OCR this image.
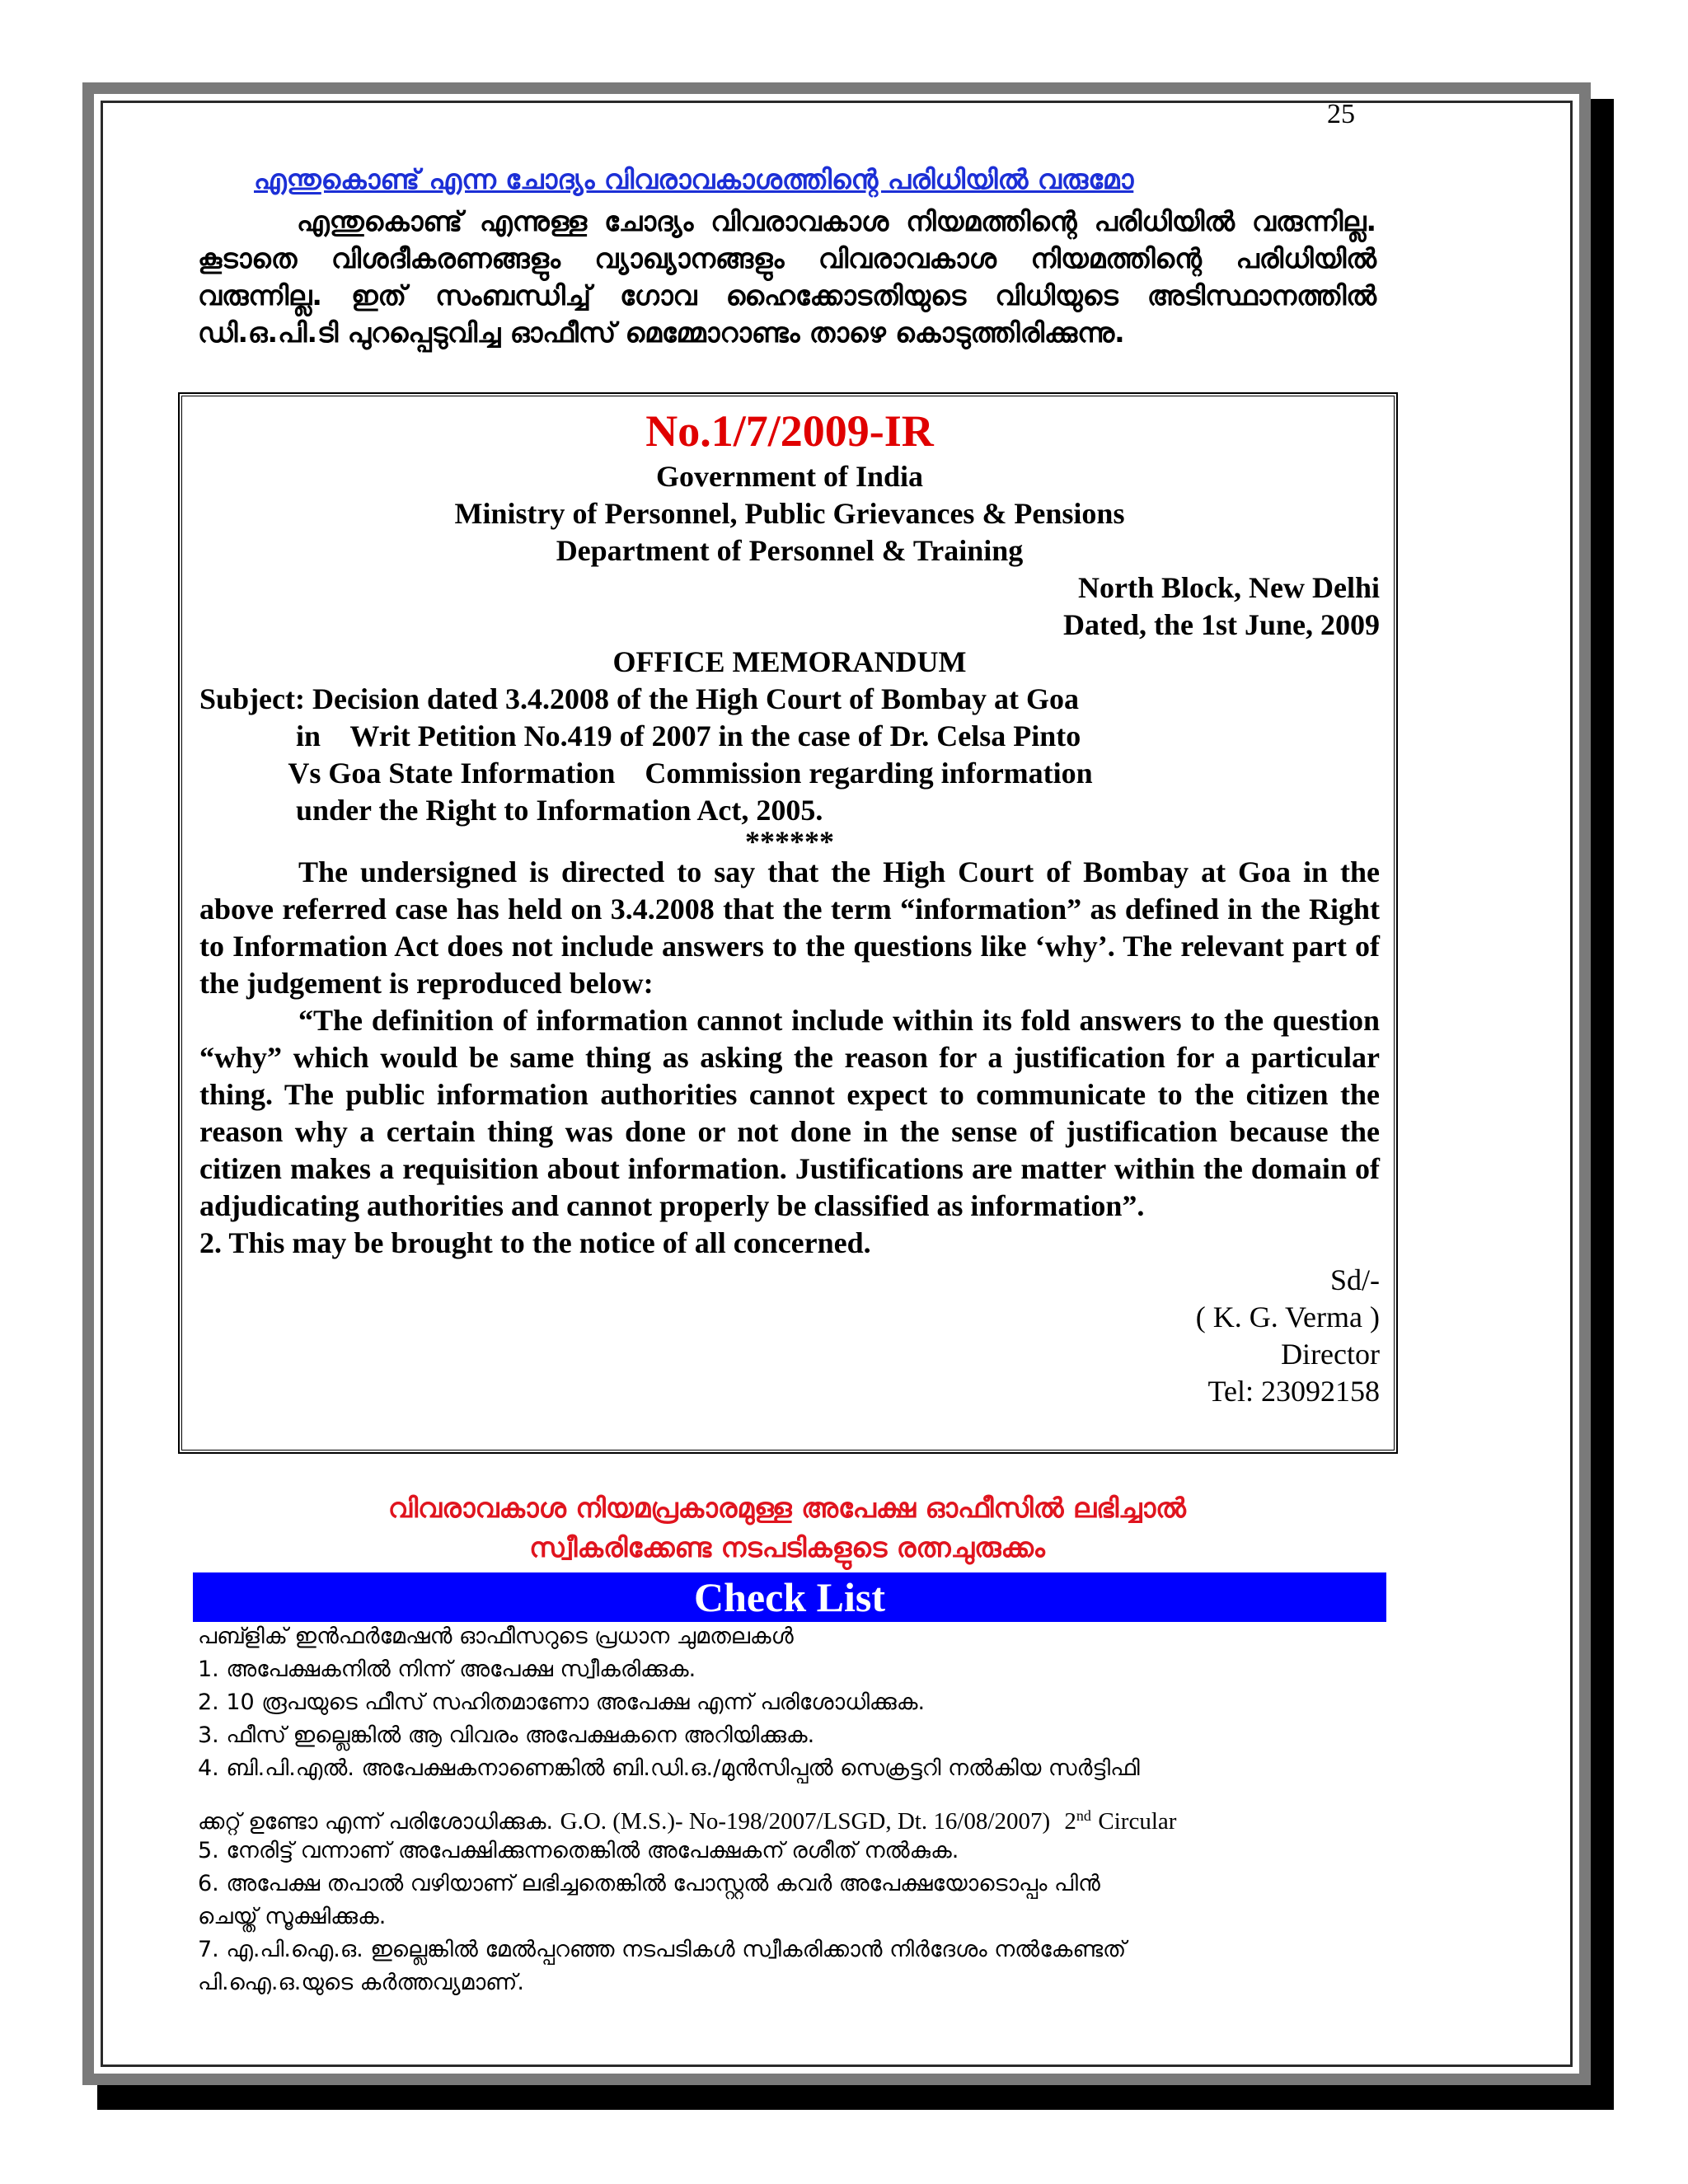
25
എന്തുകൊണ്ട് എന്ന ചോദ്യം വിവരാവകാശത്തിന്റെ പരിധിയിൽ വരുമോ

എന്തുകൊണ്ട് എന്നുള്ള ചോദ്യം വിവരാവകാശ നിയമത്തിന്റെ പരിധിയിൽ വരുന്നില്ല. കൂടാതെ വിശദീകരണങ്ങളും വ്യാഖ്യാനങ്ങളും വിവരാവകാശ നിയമത്തിന്റെ പരിധിയിൽ വരുന്നില്ല. ഇത് സംബന്ധിച്ച് ഗോവ ഹൈക്കോടതിയുടെ വിധിയുടെ അടിസ്ഥാനത്തിൽ ഡി.ഒ.പി.ടി പുറപ്പെടുവിച്ച ഓഫീസ് മെമ്മോറാണ്ടം താഴെ കൊടുത്തിരിക്കുന്നു.

No.1/7/2009-IR
Government of India
Ministry of Personnel, Public Grievances & Pensions
Department of Personnel & Training
North Block, New Delhi
Dated, the 1st June, 2009
OFFICE MEMORANDUM
Subject: Decision dated 3.4.2008 of the High Court of Bombay at Goa
in    Writ Petition No.419 of 2007 in the case of Dr. Celsa Pinto
Vs Goa State Information    Commission regarding information
under the Right to Information Act, 2005.
******

The undersigned is directed to say that the High Court of Bombay at Goa in the above referred case has held on 3.4.2008 that the term “information” as defined in the Right to Information Act does not include answers to the questions like ‘why’. The relevant part of the judgement is reproduced below:

“The definition of information cannot include within its fold answers to the question “why” which would be same thing as asking the reason for a justification for a particular thing. The public information authorities cannot expect to communicate to the citizen the reason why a certain thing was done or not done in the sense of justification because the citizen makes a requisition about information. Justifications are matter within the domain of adjudicating authorities and cannot properly be classified as information”.

2. This may be brought to the notice of all concerned.

Sd/-
( K. G. Verma )
Director
Tel: 23092158
വിവരാവകാശ നിയമപ്രകാരമുള്ള അപേക്ഷ ഓഫീസിൽ ലഭിച്ചാൽ
സ്വീകരിക്കേണ്ട നടപടികളുടെ രത്നചുരുക്കം
Check List
പബ്ളിക് ഇൻഫർമേഷൻ ഓഫീസറുടെ പ്രധാന ചുമതലകൾ
1. അപേക്ഷകനിൽ നിന്ന് അപേക്ഷ സ്വീകരിക്കുക.
2. 10 രൂപയുടെ ഫീസ് സഹിതമാണോ അപേക്ഷ എന്ന് പരിശോധിക്കുക.
3. ഫീസ് ഇല്ലെങ്കിൽ ആ വിവരം അപേക്ഷകനെ അറിയിക്കുക.
4. ബി.പി.എൽ. അപേക്ഷകനാണെങ്കിൽ ബി.ഡി.ഒ./മുൻസിപ്പൽ സെക്രട്ടറി നൽകിയ സർട്ടിഫി
ക്കറ്റ് ഉണ്ടോ എന്ന് പരിശോധിക്കുക. G.O. (M.S.)- No-198/2007/LSGD, Dt. 16/08/2007) 2nd Circular
5. നേരിട്ട് വന്നാണ് അപേക്ഷിക്കുന്നതെങ്കിൽ അപേക്ഷകന് രശീത് നൽകുക.
6. അപേക്ഷ തപാൽ വഴിയാണ് ലഭിച്ചതെങ്കിൽ പോസ്റ്റൽ കവർ അപേക്ഷയോടൊപ്പം പിൻ
ചെയ്ത് സൂക്ഷിക്കുക.
7. എ.പി.ഐ.ഒ. ഇല്ലെങ്കിൽ മേൽപ്പറഞ്ഞ നടപടികൾ സ്വീകരിക്കാൻ നിർദേശം നൽകേണ്ടത്
പി.ഐ.ഒ.യുടെ കർത്തവ്യമാണ്.
